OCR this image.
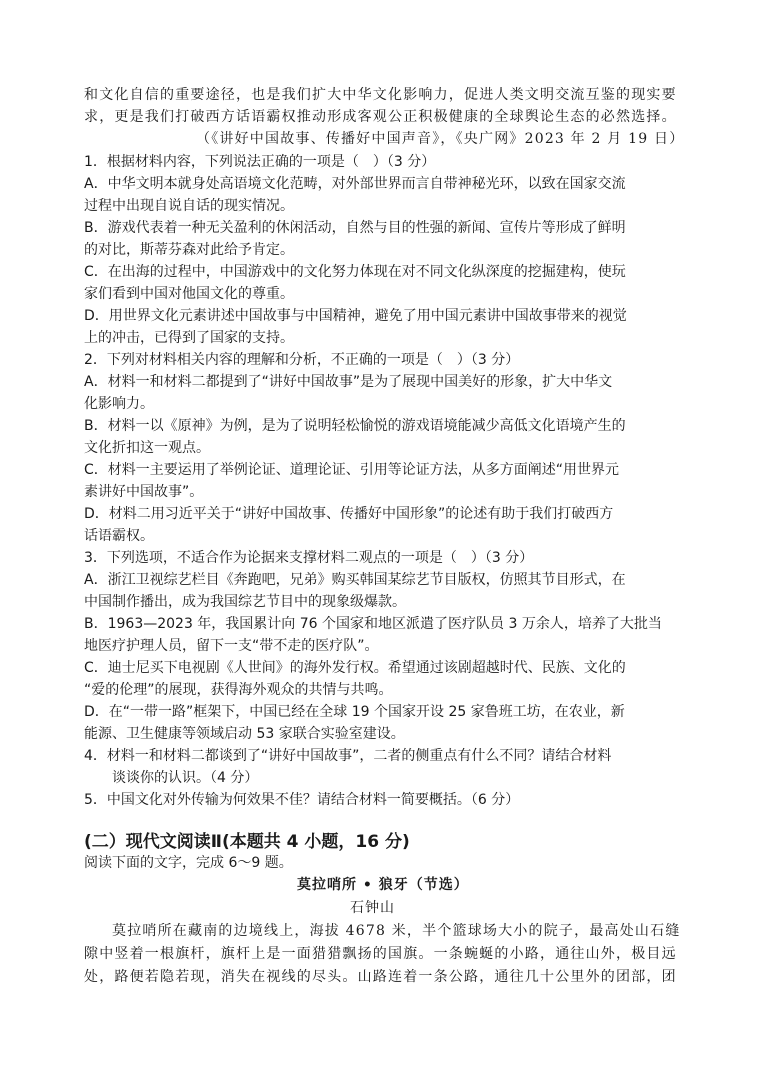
和文化自信的重要途径，也是我们扩大中华文化影响力，促进人类文明交流互鉴的现实要
求，更是我们打破西方话语霸权推动形成客观公正积极健康的全球舆论生态的必然选择。
（《讲好中国故事、传播好中国声音》，《央广网》2023 年 2 月 19 日）
1．根据材料内容，下列说法正确的一项是（　）（3 分）
A．中华文明本就身处高语境文化范畴，对外部世界而言自带神秘光环，以致在国家交流
过程中出现自说自话的现实情况。
B．游戏代表着一种无关盈利的休闲活动，自然与目的性强的新闻、宣传片等形成了鲜明
的对比，斯蒂芬森对此给予肯定。
C．在出海的过程中，中国游戏中的文化努力体现在对不同文化纵深度的挖掘建构，使玩
家们看到中国对他国文化的尊重。
D．用世界文化元素讲述中国故事与中国精神，避免了用中国元素讲中国故事带来的视觉
上的冲击，已得到了国家的支持。
2．下列对材料相关内容的理解和分析，不正确的一项是（　）（3 分）
A．材料一和材料二都提到了“讲好中国故事”是为了展现中国美好的形象，扩大中华文
化影响力。
B．材料一以《原神》为例，是为了说明轻松愉悦的游戏语境能减少高低文化语境产生的
文化折扣这一观点。
C．材料一主要运用了举例论证、道理论证、引用等论证方法，从多方面阐述“用世界元
素讲好中国故事”。
D．材料二用习近平关于“讲好中国故事、传播好中国形象”的论述有助于我们打破西方
话语霸权。
3．下列选项，不适合作为论据来支撑材料二观点的一项是（　）（3 分）
A．浙江卫视综艺栏目《奔跑吧，兄弟》购买韩国某综艺节目版权，仿照其节目形式，在
中国制作播出，成为我国综艺节目中的现象级爆款。
B．1963—2023 年，我国累计向 76 个国家和地区派遣了医疗队员 3 万余人，培养了大批当
地医疗护理人员，留下一支“带不走的医疗队”。
C．迪士尼买下电视剧《人世间》的海外发行权。希望通过该剧超越时代、民族、文化的
“爱的伦理”的展现，获得海外观众的共情与共鸣。
D．在“一带一路”框架下，中国已经在全球 19 个国家开设 25 家鲁班工坊，在农业，新
能源、卫生健康等领域启动 53 家联合实验室建设。
4．材料一和材料二都谈到了“讲好中国故事”，二者的侧重点有什么不同？请结合材料
谈谈你的认识。（4 分）
5．中国文化对外传输为何效果不佳？请结合材料一简要概括。（6 分）
(二）现代文阅读Ⅱ(本题共 4 小题，16 分)
阅读下面的文字，完成 6～9 题。
莫拉哨所 • 狼牙（节选）
石钟山
莫拉哨所在藏南的边境线上，海拔 4678 米，半个篮球场大小的院子，最高处山石缝
隙中竖着一根旗杆，旗杆上是一面猎猎飘扬的国旗。一条蜿蜒的小路，通往山外，极目远
处，路便若隐若现，消失在视线的尽头。山路连着一条公路，通往几十公里外的团部，团
